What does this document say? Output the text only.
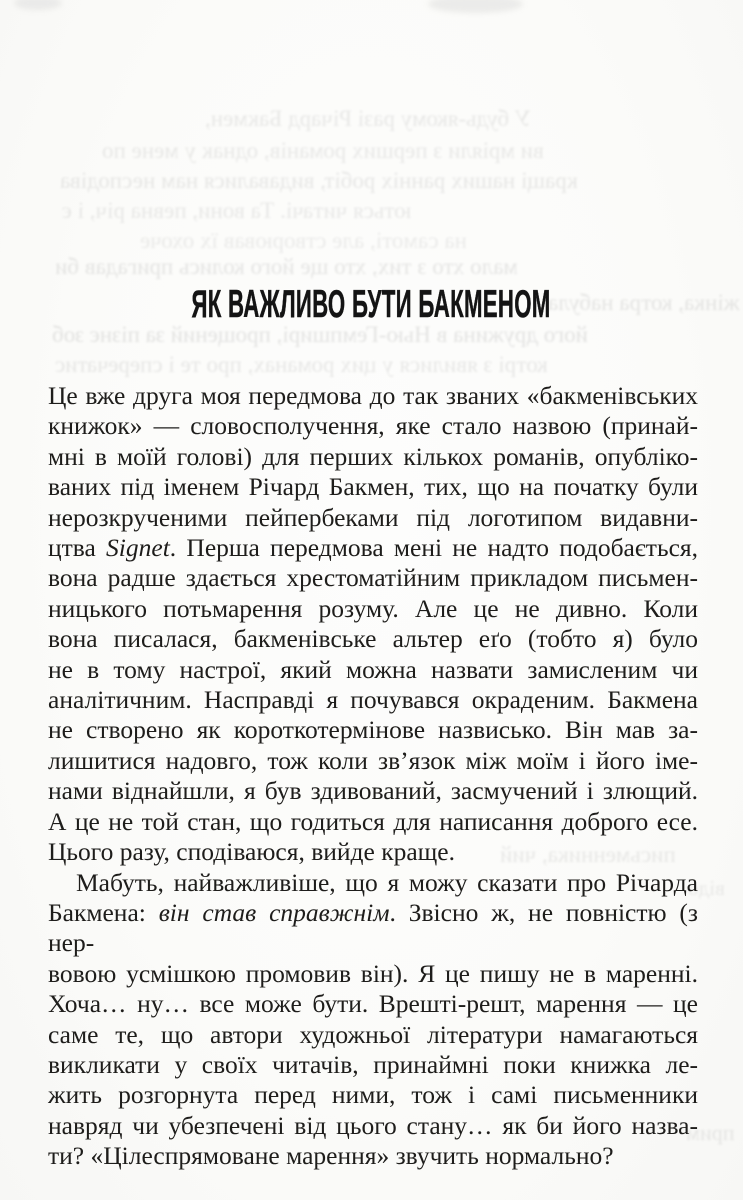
У будь-якому разі Річард Бакмен,
ви мріяли з перших романів, однак у мене по
кращі наших ранніх робіт, видавалися нам несподіва
ються читачі. Та вони, певна річ, і є
на самоті, але створював їх охоче
мало хто з тих, хто ще його колись пригадав би
жінка, котра набула
його дружина в Нью-Гемпширі, прощений за пізнє зоб
котрі з явилися у цих романах, про те і сперечатис
письменника, чий
відо
прим
ЯК ВАЖЛИВО БУТИ БАКМЕНОМ
Це вже друга моя передмова до так званих «бакменівських
книжок» — словосполучення, яке стало назвою (принай-
мні в моїй голові) для перших кількох романів, опубліко-
ваних під іменем Річард Бакмен, тих, що на початку були
нерозкрученими пейпербеками під логотипом видавни-
цтва Signet. Перша передмова мені не надто подобається,
вона радше здається хрестоматійним прикладом письмен-
ницького потьмарення розуму. Але це не дивно. Коли
вона писалася, бакменівське альтер еґо (тобто я) було
не в тому настрої, який можна назвати замисленим чи
аналітичним. Насправді я почувався окраденим. Бакмена
не створено як короткотермінове назвисько. Він мав за-
лишитися надовго, тож коли зв’язок між моїм і його іме-
нами віднайшли, я був здивований, засмучений і злющий.
А це не той стан, що годиться для написання доброго есе.
Цього разу, сподіваюся, вийде краще.
Мабуть, найважливіше, що я можу сказати про Річарда
Бакмена: він став справжнім. Звісно ж, не повністю (з нер-
вовою усмішкою промовив він). Я це пишу не в маренні.
Хоча… ну… все може бути. Врешті-решт, марення — це
саме те, що автори художньої літератури намагаються
викликати у своїх читачів, принаймні поки книжка ле-
жить розгорнута перед ними, тож і самі письменники
навряд чи убезпечені від цього стану… як би його назва-
ти? «Цілеспрямоване марення» звучить нормально?
